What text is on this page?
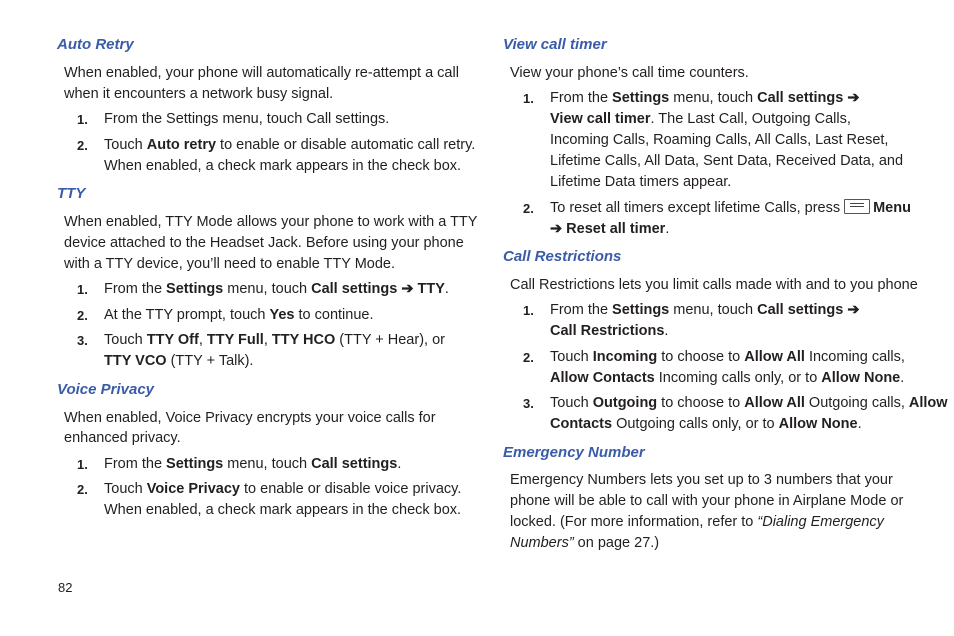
Auto Retry

When enabled, your phone will automatically re-attempt a call

when it encounters a network busy signal.

1. From the Settings menu, touch Call settings.

2. Touch Auto retry to enable or disable automatic call retry.

When enabled, a check mark appears in the check box.

TTY

When enabled, TTY Mode allows your phone to work with a TTY

device attached to the Headset Jack. Before using your phone

with a TTY device, you’ll need to enable TTY Mode.

1. From the Settings menu, touch Call settings ➔ TTY.

2. At the TTY prompt, touch Yes to continue.

3. Touch TTY Off, TTY Full, TTY HCO (TTY + Hear), or

TTY VCO (TTY + Talk).

Voice Privacy

When enabled, Voice Privacy encrypts your voice calls for

enhanced privacy.

1. From the Settings menu, touch Call settings.

2. Touch Voice Privacy to enable or disable voice privacy.

When enabled, a check mark appears in the check box.

View call timer

View your phone’s call time counters.

1. From the Settings menu, touch Call settings ➔

View call timer. The Last Call, Outgoing Calls,

Incoming Calls, Roaming Calls, All Calls, Last Reset,

Lifetime Calls, All Data, Sent Data, Received Data, and

Lifetime Data timers appear.

2. To reset all timers except lifetime Calls, press Menu

➔ Reset all timer.

Call Restrictions

Call Restrictions lets you limit calls made with and to you phone

1. From the Settings menu, touch Call settings ➔

Call Restrictions.

2. Touch Incoming to choose to Allow All Incoming calls,

Allow Contacts Incoming calls only, or to Allow None.

3. Touch Outgoing to choose to Allow All Outgoing calls, Allow

Contacts Outgoing calls only, or to Allow None.

Emergency Number

Emergency Numbers lets you set up to 3 numbers that your

phone will be able to call with your phone in Airplane Mode or

locked. (For more information, refer to “Dialing Emergency

Numbers” on page 27.)

82
